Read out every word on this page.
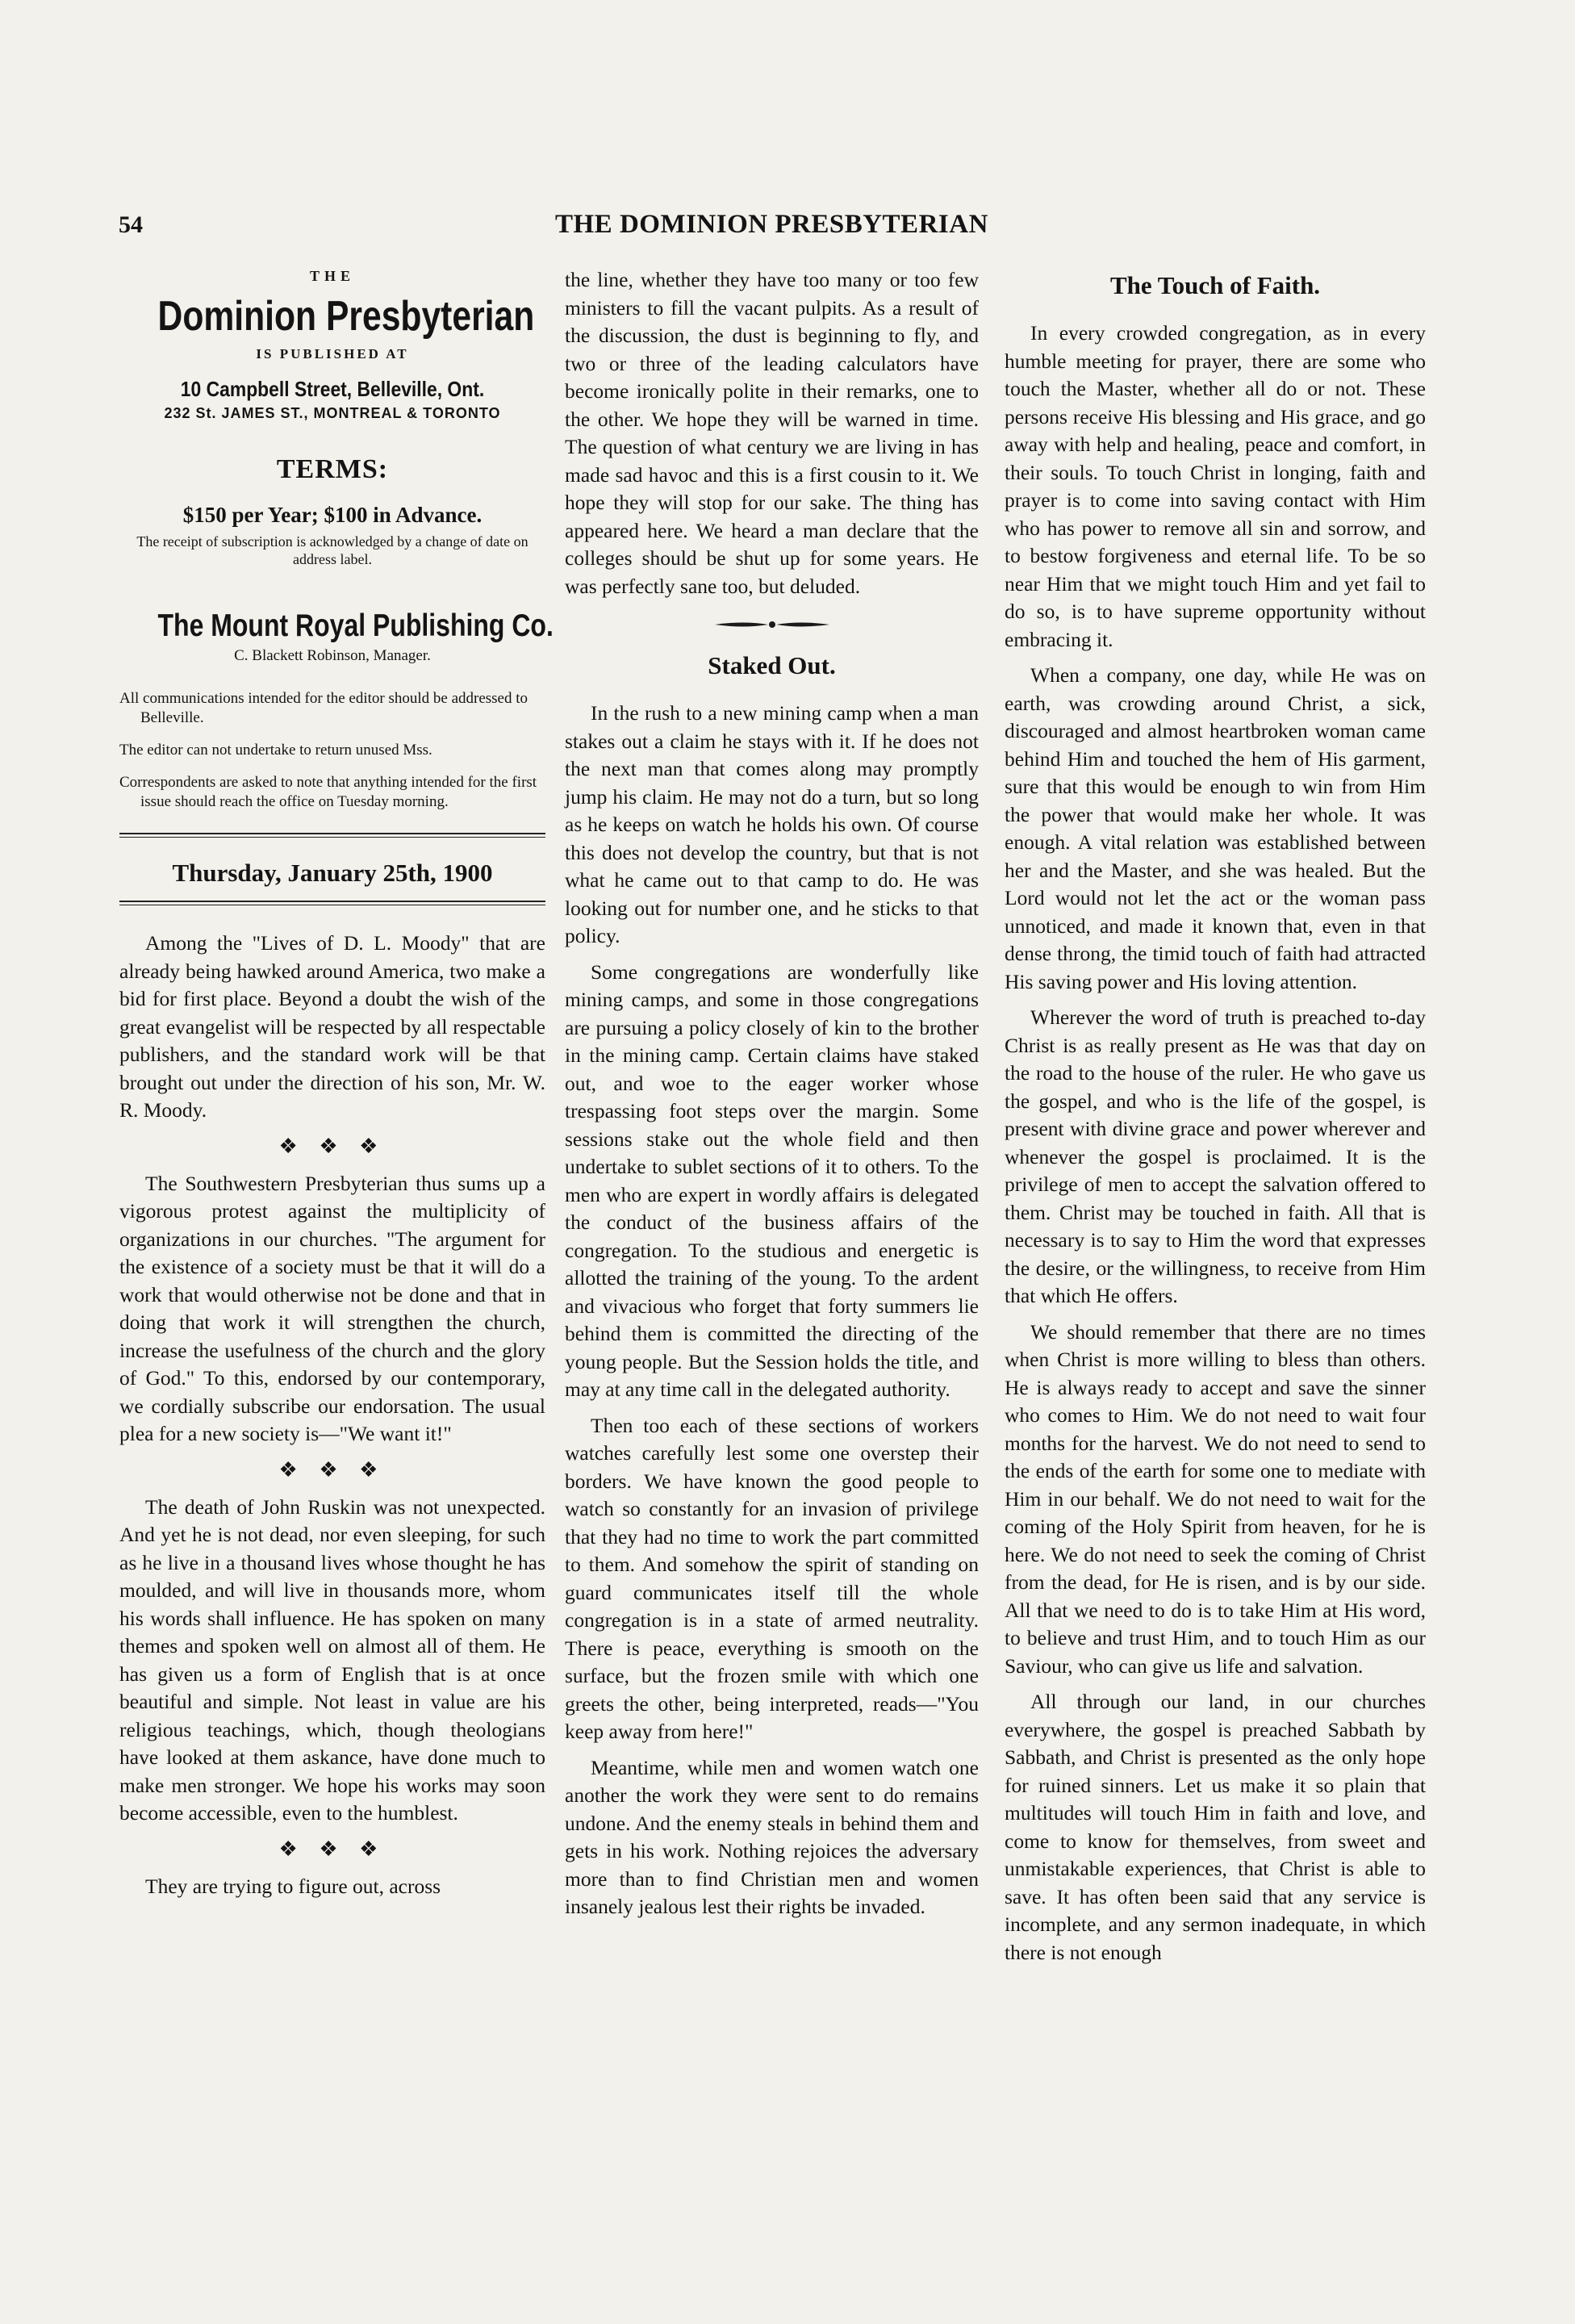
54	THE DOMINION PRESBYTERIAN
THE
Dominion Presbyterian
IS PUBLISHED AT
10 Campbell Street, Belleville, Ont.
232 St. JAMES ST., MONTREAL & TORONTO
TERMS:
$150 per Year; $100 in Advance.
The receipt of subscription is acknowledged by a change of date on address label.
The Mount Royal Publishing Co.
C. Blackett Robinson, Manager.

All communications intended for the editor should be addressed to Belleville.

The editor can not undertake to return unused Mss.

Correspondents are asked to note that anything intended for the first issue should reach the office on Tuesday morning.

Thursday, January 25th, 1900

Among the "Lives of D. L. Moody" that are already being hawked around America, two make a bid for first place. Beyond a doubt the wish of the great evangelist will be respected by all respectable publishers, and the standard work will be that brought out under the direction of his son, Mr. W. R. Moody.

❖ ❖ ❖

The Southwestern Presbyterian thus sums up a vigorous protest against the multiplicity of organizations in our churches. "The argument for the existence of a society must be that it will do a work that would otherwise not be done and that in doing that work it will strengthen the church, increase the usefulness of the church and the glory of God." To this, endorsed by our contemporary, we cordially subscribe our endorsation. The usual plea for a new society is—"We want it!"

❖ ❖ ❖

The death of John Ruskin was not unexpected. And yet he is not dead, nor even sleeping, for such as he live in a thousand lives whose thought he has moulded, and will live in thousands more, whom his words shall influence. He has spoken on many themes and spoken well on almost all of them. He has given us a form of English that is at once beautiful and simple. Not least in value are his religious teachings, which, though theologians have looked at them askance, have done much to make men stronger. We hope his works may soon become accessible, even to the humblest.

❖ ❖ ❖

They are trying to figure out, across

the line, whether they have too many or too few ministers to fill the vacant pulpits. As a result of the discussion, the dust is beginning to fly, and two or three of the leading calculators have become ironically polite in their remarks, one to the other. We hope they will be warned in time. The question of what century we are living in has made sad havoc and this is a first cousin to it. We hope they will stop for our sake. The thing has appeared here. We heard a man declare that the colleges should be shut up for some years. He was perfectly sane too, but deluded.

Staked Out.

In the rush to a new mining camp when a man stakes out a claim he stays with it. If he does not the next man that comes along may promptly jump his claim. He may not do a turn, but so long as he keeps on watch he holds his own. Of course this does not develop the country, but that is not what he came out to that camp to do. He was looking out for number one, and he sticks to that policy.

Some congregations are wonderfully like mining camps, and some in those congregations are pursuing a policy closely of kin to the brother in the mining camp. Certain claims have staked out, and woe to the eager worker whose trespassing foot steps over the margin. Some sessions stake out the whole field and then undertake to sublet sections of it to others. To the men who are expert in wordly affairs is delegated the conduct of the business affairs of the congregation. To the studious and energetic is allotted the training of the young. To the ardent and vivacious who forget that forty summers lie behind them is committed the directing of the young people. But the Session holds the title, and may at any time call in the delegated authority.

Then too each of these sections of workers watches carefully lest some one overstep their borders. We have known the good people to watch so constantly for an invasion of privilege that they had no time to work the part committed to them. And somehow the spirit of standing on guard communicates itself till the whole congregation is in a state of armed neutrality. There is peace, everything is smooth on the surface, but the frozen smile with which one greets the other, being interpreted, reads—"You keep away from here!"

Meantime, while men and women watch one another the work they were sent to do remains undone. And the enemy steals in behind them and gets in his work. Nothing rejoices the adversary more than to find Christian men and women insanely jealous lest their rights be invaded.

The Touch of Faith.

In every crowded congregation, as in every humble meeting for prayer, there are some who touch the Master, whether all do or not. These persons receive His blessing and His grace, and go away with help and healing, peace and comfort, in their souls. To touch Christ in longing, faith and prayer is to come into saving contact with Him who has power to remove all sin and sorrow, and to bestow forgiveness and eternal life. To be so near Him that we might touch Him and yet fail to do so, is to have supreme opportunity without embracing it.

When a company, one day, while He was on earth, was crowding around Christ, a sick, discouraged and almost heartbroken woman came behind Him and touched the hem of His garment, sure that this would be enough to win from Him the power that would make her whole. It was enough. A vital relation was established between her and the Master, and she was healed. But the Lord would not let the act or the woman pass unnoticed, and made it known that, even in that dense throng, the timid touch of faith had attracted His saving power and His loving attention.

Wherever the word of truth is preached to-day Christ is as really present as He was that day on the road to the house of the ruler. He who gave us the gospel, and who is the life of the gospel, is present with divine grace and power wherever and whenever the gospel is proclaimed. It is the privilege of men to accept the salvation offered to them. Christ may be touched in faith. All that is necessary is to say to Him the word that expresses the desire, or the willingness, to receive from Him that which He offers.

We should remember that there are no times when Christ is more willing to bless than others. He is always ready to accept and save the sinner who comes to Him. We do not need to wait four months for the harvest. We do not need to send to the ends of the earth for some one to mediate with Him in our behalf. We do not need to wait for the coming of the Holy Spirit from heaven, for he is here. We do not need to seek the coming of Christ from the dead, for He is risen, and is by our side. All that we need to do is to take Him at His word, to believe and trust Him, and to touch Him as our Saviour, who can give us life and salvation.

All through our land, in our churches everywhere, the gospel is preached Sabbath by Sabbath, and Christ is presented as the only hope for ruined sinners. Let us make it so plain that multitudes will touch Him in faith and love, and come to know for themselves, from sweet and unmistakable experiences, that Christ is able to save. It has often been said that any service is incomplete, and any sermon inadequate, in which there is not enough
